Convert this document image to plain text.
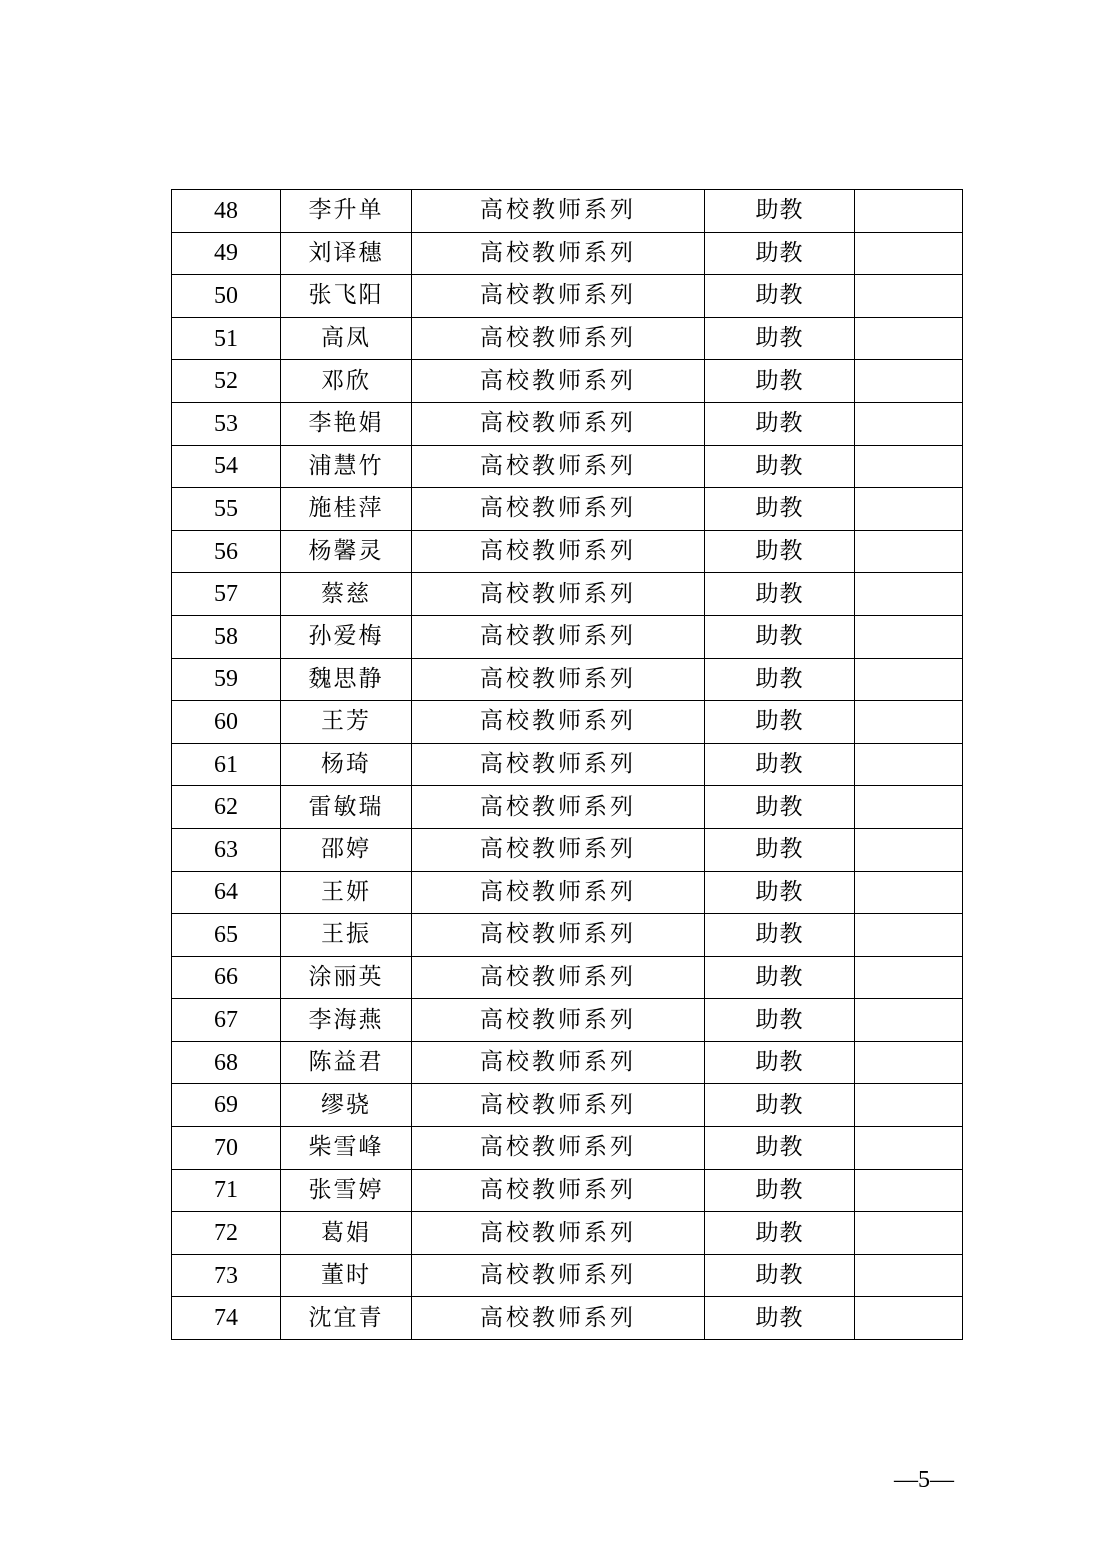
48	李升单	高校教师系列	助教	
49	刘译穗	高校教师系列	助教	
50	张飞阳	高校教师系列	助教	
51	高凤	高校教师系列	助教	
52	邓欣	高校教师系列	助教	
53	李艳娟	高校教师系列	助教	
54	浦慧竹	高校教师系列	助教	
55	施桂萍	高校教师系列	助教	
56	杨馨灵	高校教师系列	助教	
57	蔡慈	高校教师系列	助教	
58	孙爱梅	高校教师系列	助教	
59	魏思静	高校教师系列	助教	
60	王芳	高校教师系列	助教	
61	杨琦	高校教师系列	助教	
62	雷敏瑞	高校教师系列	助教	
63	邵婷	高校教师系列	助教	
64	王妍	高校教师系列	助教	
65	王振	高校教师系列	助教	
66	涂丽英	高校教师系列	助教	
67	李海燕	高校教师系列	助教	
68	陈益君	高校教师系列	助教	
69	缪骁	高校教师系列	助教	
70	柴雪峰	高校教师系列	助教	
71	张雪婷	高校教师系列	助教	
72	葛娟	高校教师系列	助教	
73	董时	高校教师系列	助教	
74	沈宜青	高校教师系列	助教	
—5—
